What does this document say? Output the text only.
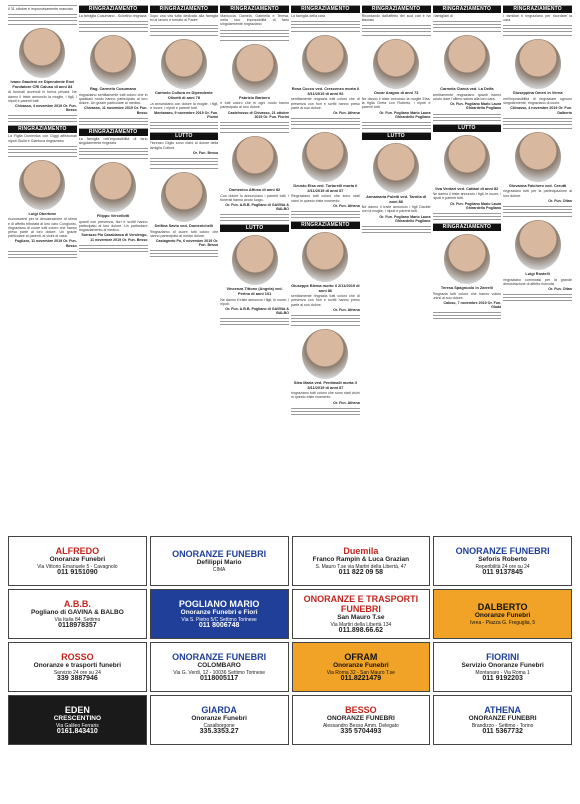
Il 31 ottobre è improvvisamente mancato
Ivano Gaudeni ex Dipendente Enel Fondatore CRI Caluso di anni 84
Ai funerali avvenuti in forma privata. Ne danno il triste annuncio la moglie, i figli, i nipoti e parenti tutti.
Chivasso, 4 novembre 2019 Or. Fun. Besso
RINGRAZIAMENTO
La Figlia Domenica con Giggi affezionati nipoti Giulia e Gianluca ringraziano
Luigi Obertone
riconoscenti per la dimostrazione di stima e di affetto tributata al loro caro Congiunto, ringraziano di cuore tutti coloro che hanno preso parte al loro dolore. Un grazie particolare ai parenti, ai vicini di casa.
Foglizzo, 11 novembre 2019 Or. Fun. Besso
RINGRAZIAMENTO
La famiglia Cusumano - Sciortino ringrazia
Rag. Carmelo Cusumano
ringraziano sentitamente tutti coloro che in qualsiasi modo hanno partecipato al loro dolore. Un grazie particolare al medico.
Chivasso, 11 novembre 2019 Or. Fun. Besso
RINGRAZIAMENTO
La famiglia nell'impossibilità di farlo singolarmente ringrazia
Filippo Vercellotti
quanti con presenza, fiori e scritti hanno partecipato al loro dolore. Un particolare ringraziamento al medico.
Sorrazzo Pia Casabianca di Verolengo, 11 novembre 2019 Or. Fun. Besso
RINGRAZIAMENTO
Dopo una vita tutta dedicata alla famiglia ed al lavoro è tornato al Padre
Carmelo Collura ex Dipendente Olivetti di anni 78
La annunciano con dolore la moglie, i figli, le nuore, i nipoti e parenti tutti.
Montanaro, 9 novembre 2019 Or. Fun. Fiorini
LUTTO
Fiorenzo Giglio sono vicini al dolore della famiglia Collura
Or. Fun. Besso
Delfina Savio ved. Domenichelli
Ringraziamo di cuore tutti coloro che hanno partecipato al nostro dolore.
Castagneto Po, 6 novembre 2019 Or. Fun. Besso
RINGRAZIAMENTO
Mariuccia, Daniela, Gabriella e Teresa, nella loro impossibilità di farlo singolarmente ringraziano
Fabrizio Barbero
e tutti coloro che in ogni modo hanno partecipato al loro dolore.
Castelrosso di Chivasso, 21 ottobre 2019 Or. Fun. Fiorini
Domenico Affuso di anni 82
Con dolore lo annunciano i parenti tutti. I funerali hanno avuto luogo.
Or. Fun. A.B.B. Pogliano di GAVINA & BALBO
LUTTO
Vincenza Tittone (Angela) ved. Perino di anni 101
Ne danno il triste annuncio i figli, le nuore, i nipoti.
Or. Fun. A.B.B. Pogliano di GAVINA & BALBO
RINGRAZIAMENTO
La famiglia della cara
Rosa Cocco ved. Crescenzo morta il 3/11/2019 di anni 92
sentitamente ringrazia tutti coloro che di presenza con fiori e scritti hanno preso parte al suo dolore.
Or. Fun. Athena
Deusto Elsa ved. Tortorelli morta il 2/11/2019 di anni 87
Ringraziano tutti coloro che sono stati vicini in questo triste momento.
Or. Fun. Athena
RINGRAZIAMENTO
Giuseppe Blema morto il 2/11/2019 di anni 86
sentitamente ringrazia tutti coloro che di presenza con fiori e scritti hanno preso parte al suo dolore.
Or. Fun. Athena
Stea Maria ved. Pentimalli morta il 3/11/2019 di anni 87
ringraziano tutti coloro che sono stati vicini in questo triste momento.
Or. Fun. Athena
RINGRAZIAMENTO
Ricordando dall'affetto dei suoi cari è ha lasciato
Oscar Aragno di anni 73
Ne danno il triste annuncio la moglie Elsa, la figlia Greta con Roberto, i nipoti e parenti tutti.
Or. Fun. Pogliano Mario Laura Ghirardello Pogliano
LUTTO
Annamaria Poletti ved. Tarolla di anni 88
Ne danno il triste annuncio i figli Davide con la moglie, i nipoti e parenti tutti.
Or. Fun. Pogliano Mario Laura Ghirardello Pogliano
RINGRAZIAMENTO
I famigliari di
Carmela Ciarcà ved. La Delfa
sentitamente ringraziano quanti hanno voluto dare l'ultimo saluto alla loro cara.
Or. Fun. Pogliano Mario Laura Ghirardello Pogliano
LUTTO
Ilva Verdari ved. Cattani di anni 82
Ne danno il triste annuncio i figli, le nuore, i nipoti e parenti tutti.
Or. Fun. Pogliano Mario Laura Ghirardello Pogliano
RINGRAZIAMENTO
Teresa Spagnuolo in Zarrelli
Ringrazia tutti coloro che hanno voluto unirsi al suo dolore.
Caluso, 7 novembre 2019 Or. Fun. Giuda
RINGRAZIAMENTO
I familiari ti ringraziano per ricordare la cara
Giuseppina Omeri in Verna
nell'impossibilità di ringraziare ognuno singolarmente, ringraziano di cuore.
Chivasso, 4 novembre 2019 Or. Fun. Dalberto
Giovanna Falchero ved. Cerutti
ringraziano tutti per la partecipazione al loro dolore.
Or. Fun. Oltan
Luigi Rostelli
ringraziano commossi per la grande dimostrazione di affetto ricevuta.
Or. Fun. Oltan
ALFREDO
Onoranze Funebri
Via Vittorio Emanuele 5 - Cavagnolo
011 9151090
ONORANZE FUNEBRI
Defilippi Mario
CIMA
Duemila
Franco Rampin & Luca Grazian
S. Mauro T.se via Martiri della Libertà, 47
011 822 09 58
ONORANZE FUNEBRI
Seforis Roberto
Reperibilità 24 ore su 24
011 9137845
A.B.B.
Pogliano di GAVINA & BALBO
Via Italia 84, Settimo
0118978357
POGLIANO MARIO
Onoranze Funebri e Fiori
Via S. Pietro 5/C Settimo Torinese
011 8006748
ONORANZE E TRASPORTI FUNEBRI
San Mauro T.se
Via Martiri della Libertà 134
011.898.66.62
DALBERTO
Onoranze Funebri
Ivrea - Piazza G. Freguglia, 5
ROSSO
Onoranze e trasporti funebri
Servizio 24 ore su 24
339 3887946
ONORANZE FUNEBRI
COLOMBARO
Via G. Verdi, 12 - 10036 Settimo Torinese
0118005117
OFRAM
Onoranze Funebri
Via Roma 32 - San Mauro T.se
011.8221479
FIORINI
Servizio Onoranze Funebri
Montanaro - Via Roma 1
011 9192203
EDEN
CRESCENTINO
Via Galileo Ferraris
0161.843410
GIARDA
Onoranze Funebri
Casalborgone
335.3353.27
BESSO
ONORANZE FUNEBRI
Alessandro Besso Amm. Delegato
335 5704493
ATHENA
ONORANZE FUNEBRI
Brandizzo - Settimo - Torino
011 5367732
